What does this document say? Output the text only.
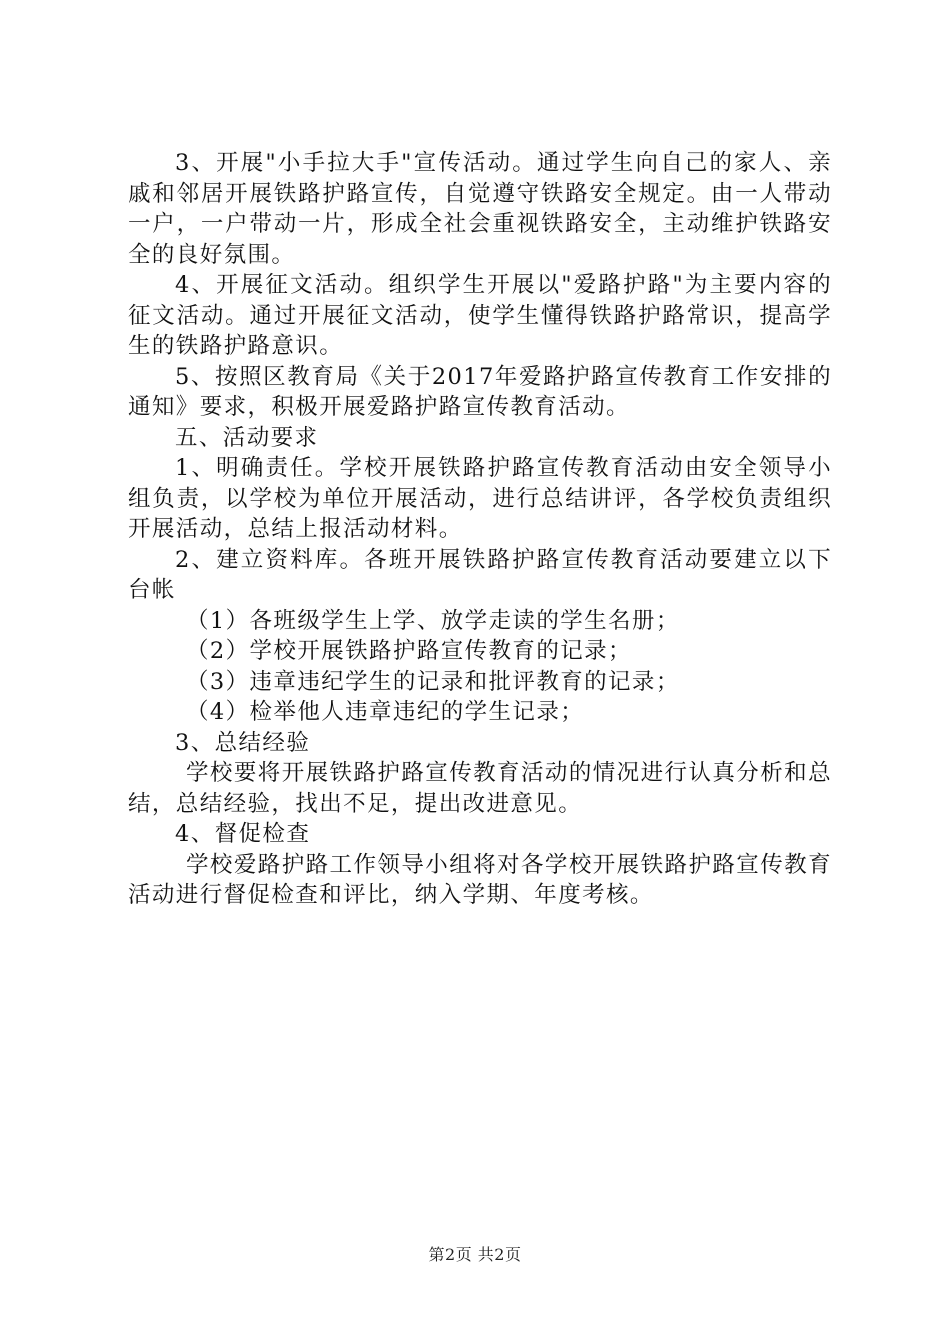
3、开展"小手拉大手"宣传活动。通过学生向自己的家人、亲戚和邻居开展铁路护路宣传，自觉遵守铁路安全规定。由一人带动一户，一户带动一片，形成全社会重视铁路安全，主动维护铁路安全的良好氛围。

4、开展征文活动。组织学生开展以"爱路护路"为主要内容的征文活动。通过开展征文活动，使学生懂得铁路护路常识，提高学生的铁路护路意识。

5、按照区教育局《关于2017年爱路护路宣传教育工作安排的通知》要求，积极开展爱路护路宣传教育活动。

五、活动要求

1、明确责任。学校开展铁路护路宣传教育活动由安全领导小组负责，以学校为单位开展活动，进行总结讲评，各学校负责组织开展活动，总结上报活动材料。

2、建立资料库。各班开展铁路护路宣传教育活动要建立以下台帐

（1）各班级学生上学、放学走读的学生名册；

（2）学校开展铁路护路宣传教育的记录；

（3）违章违纪学生的记录和批评教育的记录；

（4）检举他人违章违纪的学生记录；

3、总结经验

学校要将开展铁路护路宣传教育活动的情况进行认真分析和总结，总结经验，找出不足，提出改进意见。

4、督促检查

学校爱路护路工作领导小组将对各学校开展铁路护路宣传教育活动进行督促检查和评比，纳入学期、年度考核。

第2页 共2页
